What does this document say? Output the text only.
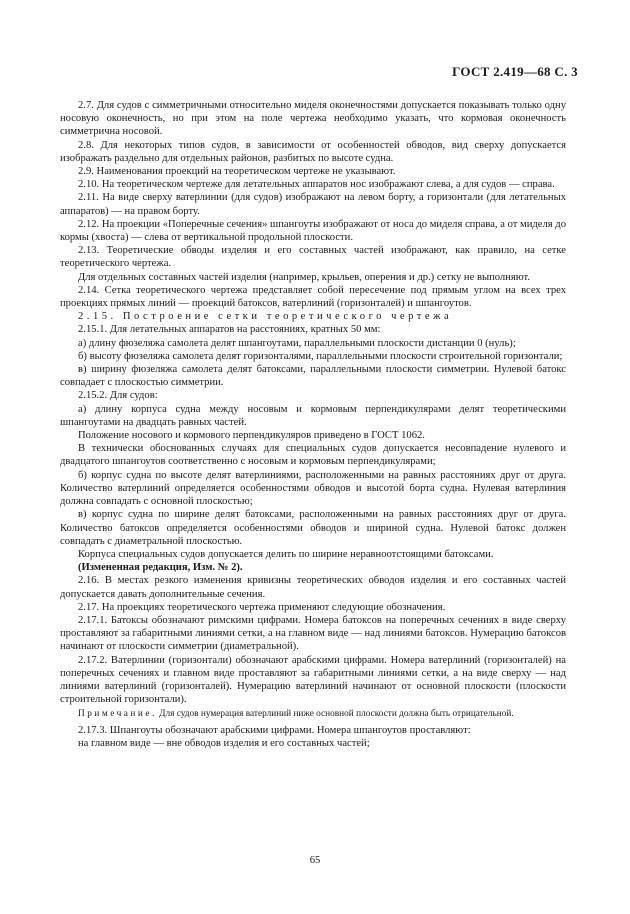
ГОСТ 2.419—68 С. 3

2.7. Для судов с симметричными относительно миделя оконечностями допускается показывать только одну носовую оконечность, но при этом на поле чертежа необходимо указать, что кормовая оконечность симметрична носовой.

2.8. Для некоторых типов судов, в зависимости от особенностей обводов, вид сверху допускается изображать раздельно для отдельных районов, разбитых по высоте судна.

2.9. Наименования проекций на теоретическом чертеже не указывают.

2.10. На теоретическом чертеже для летательных аппаратов нос изображают слева, а для судов — справа.

2.11. На виде сверху ватерлинии (для судов) изображают на левом борту, а горизонтали (для летательных аппаратов) — на правом борту.

2.12. На проекции «Поперечные сечения» шпангоуты изображают от носа до миделя справа, а от миделя до кормы (хвоста) — слева от вертикальной продольной плоскости.

2.13. Теоретические обводы изделия и его составных частей изображают, как правило, на сетке теоретического чертежа.

Для отдельных составных частей изделия (например, крыльев, оперения и др.) сетку не выполняют.

2.14. Сетка теоретического чертежа представляет собой пересечение под прямым углом на всех трех проекциях прямых линий — проекций батоксов, ватерлиний (горизонталей) и шпангоутов.

2.15. Построение сетки теоретического чертежа

2.15.1. Для летательных аппаратов на расстояниях, кратных 50 мм:

а) длину фюзеляжа самолета делят шпангоутами, параллельными плоскости дистанции 0 (нуль);

б) высоту фюзеляжа самолета делят горизонталями, параллельными плоскости строительной горизонтали;

в) ширину фюзеляжа самолета делят батоксами, параллельными плоскости симметрии. Нулевой батокс совпадает с плоскостью симметрии.

2.15.2. Для судов:

а) длину корпуса судна между носовым и кормовым перпендикулярами делят теоретическими шпангоутами на двадцать равных частей.

Положение носового и кормового перпендикуляров приведено в ГОСТ 1062.

В технически обоснованных случаях для специальных судов допускается несовпадение нулевого и двадцатого шпангоутов соответственно с носовым и кормовым перпендикулярами;

б) корпус судна по высоте делят ватерлиниями, расположенными на равных расстояниях друг от друга. Количество ватерлиний определяется особенностями обводов и высотой борта судна. Нулевая ватерлиния должна совпадать с основной плоскостью;

в) корпус судна по ширине делят батоксами, расположенными на равных расстояниях друг от друга. Количество батоксов определяется особенностями обводов и шириной судна. Нулевой батокс должен совпадать с диаметральной плоскостью.

Корпуса специальных судов допускается делить по ширине неравноотстоящими батоксами.

(Измененная редакция, Изм. № 2).

2.16. В местах резкого изменения кривизны теоретических обводов изделия и его составных частей допускается давать дополнительные сечения.

2.17. На проекциях теоретического чертежа применяют следующие обозначения.

2.17.1. Батоксы обозначают римскими цифрами. Номера батоксов на поперечных сечениях в виде сверху проставляют за габаритными линиями сетки, а на главном виде — над линиями батоксов. Нумерацию батоксов начинают от плоскости симметрии (диаметральной).

2.17.2. Ватерлинии (горизонтали) обозначают арабскими цифрами. Номера ватерлиний (горизонталей) на поперечных сечениях и главном виде проставляют за габаритными линиями сетки, а на виде сверху — над линиями ватерлиний (горизонталей). Нумерацию ватерлиний начинают от основной плоскости (плоскости строительной горизонтали).

Примечание. Для судов нумерация ватерлиний ниже основной плоскости должна быть отрицательной.

2.17.3. Шпангоуты обозначают арабскими цифрами. Номера шпангоутов проставляют:

на главном виде — вне обводов изделия и его составных частей;

65
